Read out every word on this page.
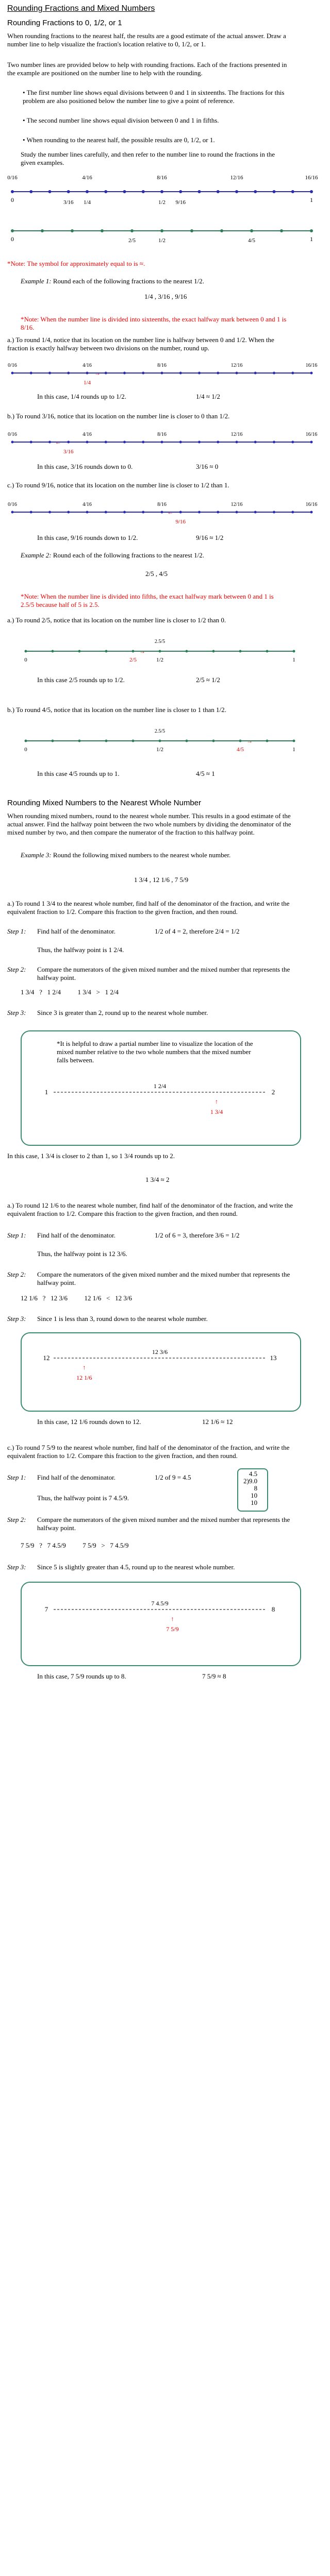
Rounding Fractions and Mixed Numbers
Rounding Fractions to 0, 1/2, or 1
When rounding fractions to the nearest half, the results are a good estimate of the actual answer. Draw a number line to help visualize the fraction's location relative to 0, 1/2, or 1.
Two number lines are provided below to help with rounding fractions. Each of the fractions presented in the example are positioned on the number line to help with the rounding.
• The first number line shows equal divisions between 0 and 1 in sixteenths. The fractions for this problem are also positioned below the number line to give a point of reference.
• The second number line shows equal division between 0 and 1 in fifths.
• When rounding to the nearest half, the possible results are 0, 1/2, or 1.
Study the number lines carefully, and then refer to the number line to round the fractions in the given examples.
0/16	4/16	8/16	12/16	16/16
0	1
1/4
3/16	1/2 9/16
0	1
2/5	1/2	4/5
*Note: The symbol for approximately equal to is ≈.
Example 1: Round each of the following fractions to the nearest 1/2.
1/4 , 3/16 , 9/16
*Note: When the number line is divided into sixteenths, the exact halfway mark between 0 and 1 is 8/16.
a.) To round 1/4, notice that its location on the number line is halfway between 0 and 1/2. When the fraction is exactly halfway between two divisions on the number, round up.
0/16	4/16	8/16	12/16	16/16
1/4
→
In this case, 1/4 rounds up to 1/2.	1/4 ≈ 1/2
b.) To round 3/16, notice that its location on the number line is closer to 0 than 1/2.
0/16	4/16	8/16	12/16	16/16
3/16
←
In this case, 3/16 rounds down to 0.	3/16 ≈ 0
c.) To round 9/16, notice that its location on the number line is closer to 1/2 than 1.
0/16	4/16	8/16	12/16	16/16
9/16
←
In this case, 9/16 rounds down to 1/2.	9/16 ≈ 1/2
Example 2: Round each of the following fractions to the nearest 1/2.
2/5 , 4/5
*Note: When the number line is divided into fifths, the exact halfway mark between 0 and 1 is 2.5/5 because half of 5 is 2.5.
a.) To round 2/5, notice that its location on the number line is closer to 1/2 than 0.
2.5/5
0	1
1/2
2/5
→
In this case 2/5 rounds up to 1/2.	2/5 ≈ 1/2
b.) To round 4/5, notice that its location on the number line is closer to 1 than 1/2.
2.5/5
0	1
1/2	4/5
→
In this case 4/5 rounds up to 1.	4/5 ≈ 1
Rounding Mixed Numbers to the Nearest Whole Number
When rounding mixed numbers, round to the nearest whole number. This results in a good estimate of the actual answer. Find the halfway point between the two whole numbers by dividing the denominator of the mixed number by two, and then compare the numerator of the fraction to this halfway point.
Example 3: Round the following mixed numbers to the nearest whole number.
1 3/4 , 12 1/6 , 7 5/9
a.) To round 1 3/4 to the nearest whole number, find half of the denominator of the fraction, and write the equivalent fraction to 1/2. Compare this fraction to the given fraction, and then round.
Step 1: Find half of the denominator.	1/2 of 4 = 2, therefore 2/4 = 1/2
Thus, the halfway point is 1 2/4.
Step 2: Compare the numerators of the given mixed number and the mixed number that represents the halfway point.
1 3/4   ?   1 2/4          1 3/4   >   1 2/4
Step 3: Since 3 is greater than 2, round up to the nearest whole number.
*It is helpful to draw a partial number line to visualize the location of the mixed number relative to the two whole numbers that the mixed number falls between.
1	2
1 2/4
↑
1 3/4
In this case, 1 3/4 is closer to 2 than 1, so 1 3/4 rounds up to 2.
1 3/4 ≈ 2
a.) To round 12 1/6 to the nearest whole number, find half of the denominator of the fraction, and write the equivalent fraction to 1/2. Compare this fraction to the given fraction, and then round.
Step 1: Find half of the denominator.	1/2 of 6 = 3, therefore 3/6 = 1/2
Thus, the halfway point is 12 3/6.
Step 2: Compare the numerators of the given mixed number and the mixed number that represents the halfway point.
12 1/6   ?   12 3/6          12 1/6   <   12 3/6
Step 3: Since 1 is less than 3, round down to the nearest whole number.
12	13
12 3/6
↑
12 1/6
In this case, 12 1/6 rounds down to 12.	12 1/6 ≈ 12
c.) To round 7 5/9 to the nearest whole number, find half of the denominator of the fraction, and write the equivalent fraction to 1/2. Compare this fraction to the given fraction, and then round.
Step 1: Find half of the denominator.	1/2 of 9 = 4.5	4.5
2)9.0
8
10
10
Thus, the halfway point is 7 4.5/9.
Step 2: Compare the numerators of the given mixed number and the mixed number that represents the halfway point.
7 5/9   ?   7 4.5/9          7 5/9   >   7 4.5/9
Step 3: Since 5 is slightly greater than 4.5, round up to the nearest whole number.
7	8
7 4.5/9
↑
7 5/9
In this case, 7 5/9 rounds up to 8.	7 5/9 ≈ 8
